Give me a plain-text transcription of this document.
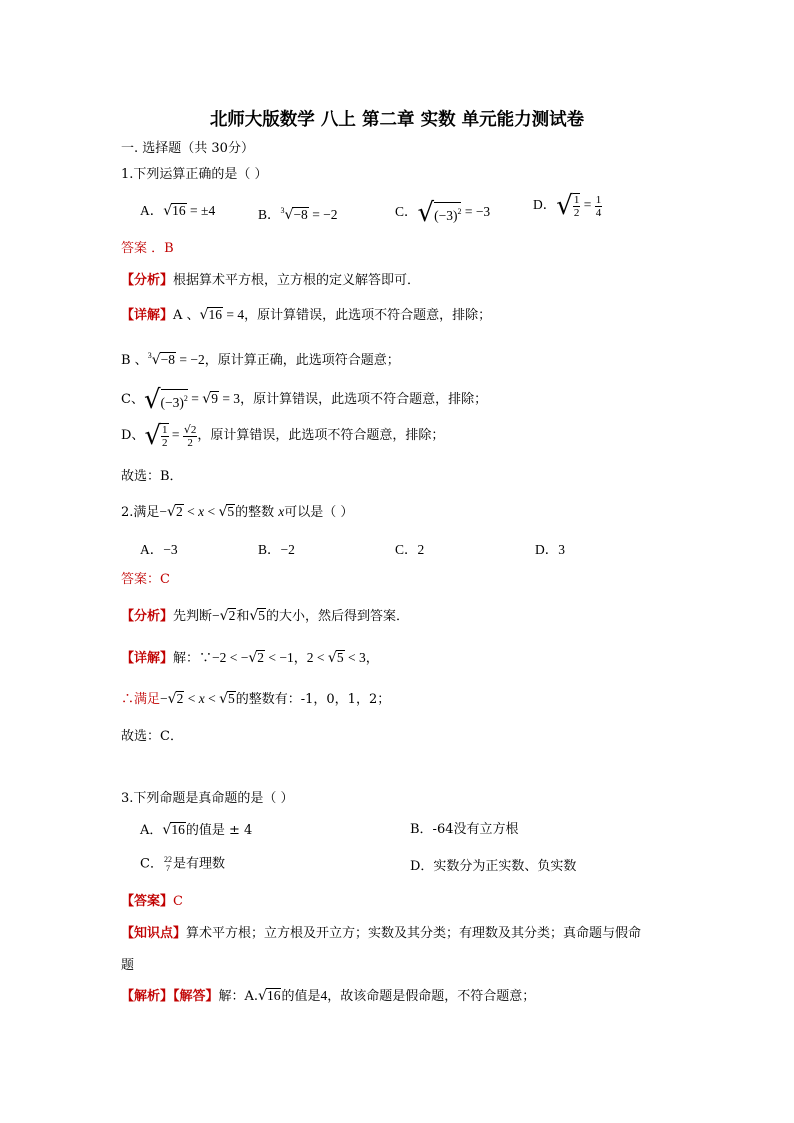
北师大版数学 八上 第二章 实数 单元能力测试卷
一. 选择题（共 30分）
1.下列运算正确的是（ ）
A．√16 = ±4	B．$^3$√−8 = −2	C．$√(-3)^2 = -3$	D．√ $\frac{1}{2} = \frac{1}{4}$
答案 ．B
【分析】根据算术平方根，立方根的定义解答即可．
【详解】A 、√16 = 4，原计算错误，此选项不符合题意，排除；
B 、$^3$√−8 = −2，原计算正确，此选项符合题意；
C、$√(-3)^2 = √9 = 3$，原计算错误，此选项不符合题意，排除；
D、√ $\frac{1}{2} = \frac{√2}{2}$ ，原计算错误，此选项不符合题意，排除；
故选：B．
2.满足−√2 < x < √5的整数 x可以是（ ）
A．−3	B．−2	C．2	D．3
答案：C
【分析】先判断−√2和√5的大小，然后得到答案．
【详解】解：∵−2 < −√2 < −1，2 < √5 < 3，
∴满足−√2 < x < √5的整数有：-1，0，1，2；
故选：C．
3.下列命题是真命题的是（ ）
A．√16的值是 ± 4	B．-64没有立方根
C． 22
7 是有理数	D．实数分为正实数、负实数
【答案】C
【知识点】算术平方根；立方根及开立方；实数及其分类；有理数及其分类；真命题与假命
题
【解析】【解答】解：A.√16的值是4，故该命题是假命题，不符合题意；
